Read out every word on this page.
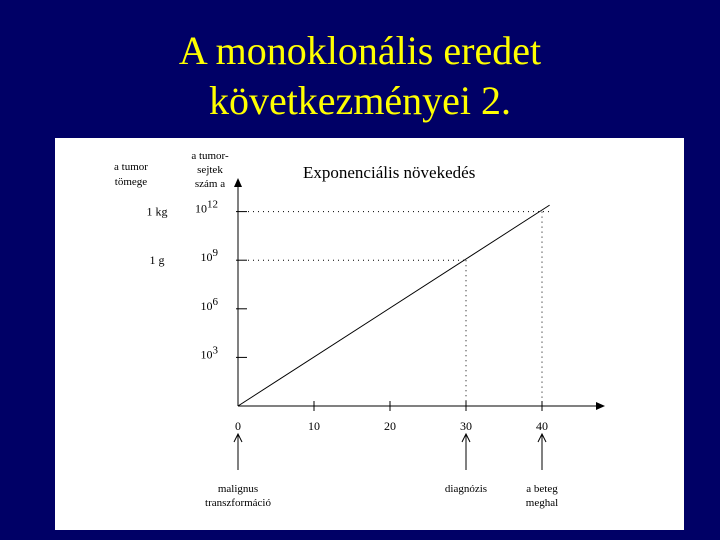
A monoklonális eredet
következményei 2.
Exponenciális növekedés
a tumor
tömege
a tumor-
sejtek
szám a
0	10	20	30	40
103
106
109
1012
1 g
1 kg
malignus
transzformáció
diagnózis	a beteg
meghal
